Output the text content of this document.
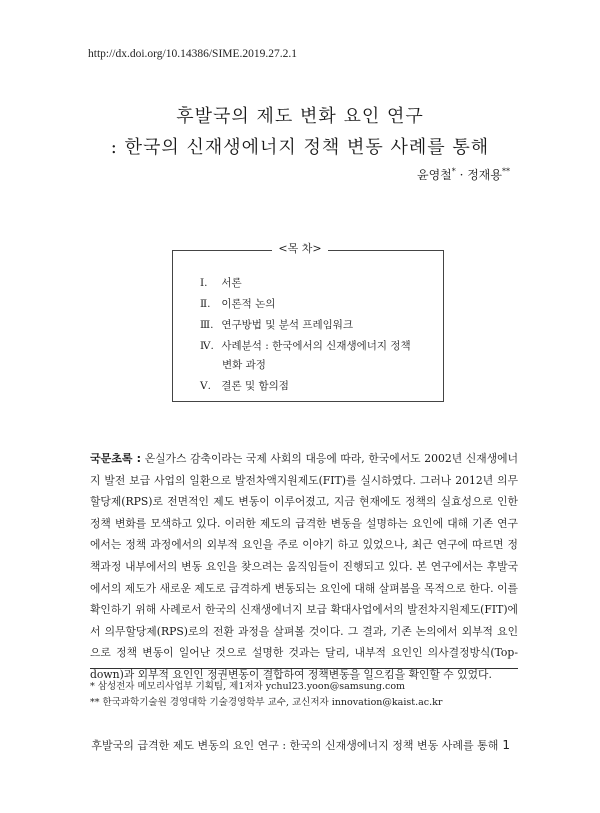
http://dx.doi.org/10.14386/SIME.2019.27.2.1
후발국의 제도 변화 요인 연구
: 한국의 신재생에너지 정책 변동 사례를 통해
윤영철* · 정재용**
<목 차>
Ⅰ. 서론
Ⅱ. 이론적 논의
Ⅲ. 연구방법 및 분석 프레임워크
Ⅳ. 사례분석 : 한국에서의 신재생에너지 정책
변화 과정
Ⅴ. 결론 및 함의점
국문초록 : 온실가스 감축이라는 국제 사회의 대응에 따라, 한국에서도 2002년 신재생에너지 발전 보급 사업의 일환으로 발전차액지원제도(FIT)를 실시하였다. 그러나 2012년 의무할당제(RPS)로 전면적인 제도 변동이 이루어졌고, 지금 현재에도 정책의 실효성으로 인한 정책 변화를 모색하고 있다. 이러한 제도의 급격한 변동을 설명하는 요인에 대해 기존 연구에서는 정책 과정에서의 외부적 요인을 주로 이야기 하고 있었으나, 최근 연구에 따르면 정책과정 내부에서의 변동 요인을 찾으려는 움직임들이 진행되고 있다. 본 연구에서는 후발국에서의 제도가 새로운 제도로 급격하게 변동되는 요인에 대해 살펴봄을 목적으로 한다. 이를 확인하기 위해 사례로서 한국의 신재생에너지 보급 확대사업에서의 발전차지원제도(FIT)에서 의무할당제(RPS)로의 전환 과정을 살펴볼 것이다. 그 결과, 기존 논의에서 외부적 요인으로 정책 변동이 일어난 것으로 설명한 것과는 달리, 내부적 요인인 의사결정방식(Top-down)과 외부적 요인인 정권변동이 결합하여 정책변동을 일으킴을 확인할 수 있었다.
* 삼성전자 메모리사업부 기획팀, 제1저자 ychul23.yoon@samsung.com
** 한국과학기술원 경영대학 기술경영학부 교수, 교신저자 innovation@kaist.ac.kr
후발국의 급격한 제도 변동의 요인 연구 : 한국의 신재생에너지 정책 변동 사례를 통해 1
